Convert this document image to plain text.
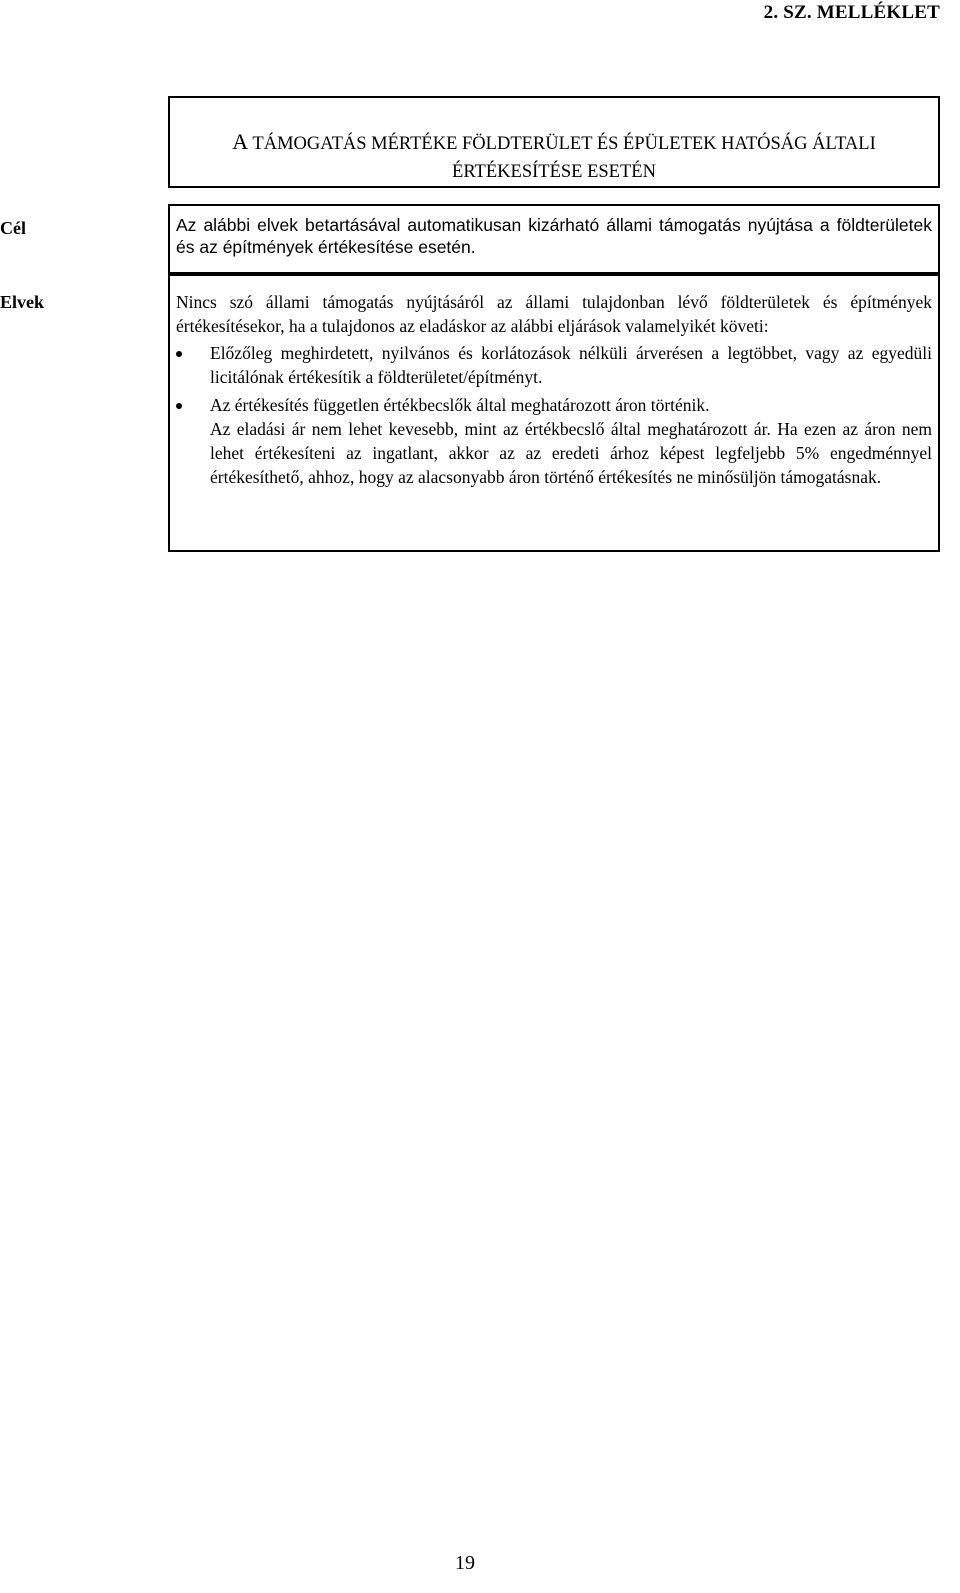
2. SZ. MELLÉKLET
A TÁMOGATÁS MÉRTÉKE FÖLDTERÜLET ÉS ÉPÜLETEK HATÓSÁG ÁLTALI
ÉRTÉKESÍTÉSE ESETÉN
Cél	Az alábbi elvek betartásával automatikusan kizárható állami támogatás nyújtása a földterületek és az építmények értékesítése esetén.
Elvek	Nincs szó állami támogatás nyújtásáról az állami tulajdonban lévő földterületek és építmények értékesítésekor, ha a tulajdonos az eladáskor az alábbi eljárások valamelyikét követi:

Előzőleg meghirdetett, nyilvános és korlátozások nélküli árverésen a legtöbbet, vagy az egyedüli licitálónak értékesítik a földterületet/építményt.
Az értékesítés független értékbecslők által meghatározott áron történik.
Az eladási ár nem lehet kevesebb, mint az értékbecslő által meghatározott ár. Ha ezen az áron nem lehet értékesíteni az ingatlant, akkor az az eredeti árhoz képest legfeljebb 5% engedménnyel értékesíthető, ahhoz, hogy az alacsonyabb áron történő értékesítés ne minősüljön támogatásnak.
19
